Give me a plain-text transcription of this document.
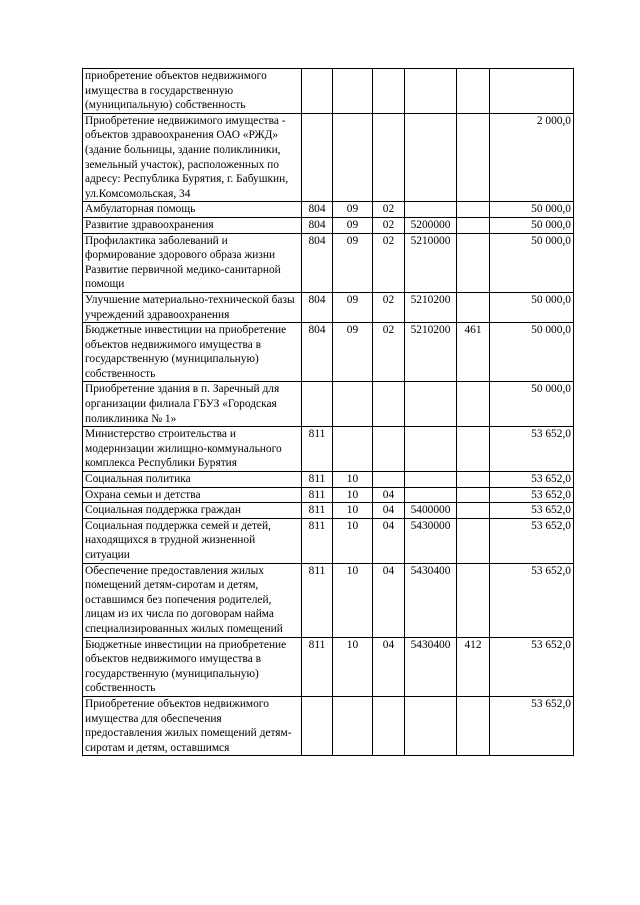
приобретение объектов недвижимого имущества в государственную (муниципальную) собственность						
Приобретение недвижимого имущества - объектов здравоохранения ОАО «РЖД» (здание больницы, здание поликлиники, земельный участок), расположенных по адресу: Республика Бурятия, г. Бабушкин, ул.Комсомольская, 34						2 000,0
Амбулаторная помощь	804	09	02			50 000,0
Развитие здравоохранения	804	09	02	5200000		50 000,0
Профилактика заболеваний и формирование здорового образа жизни Развитие первичной медико-санитарной помощи	804	09	02	5210000		50 000,0
Улучшение материально-технической базы учреждений здравоохранения	804	09	02	5210200		50 000,0
Бюджетные инвестиции на приобретение объектов недвижимого имущества в государственную (муниципальную) собственность	804	09	02	5210200	461	50 000,0
Приобретение здания в п. Заречный для организации филиала ГБУЗ «Городская поликлиника № 1»						50 000,0
Министерство строительства и модернизации жилищно-коммунального комплекса Республики Бурятия	811					53 652,0
Социальная политика	811	10				53 652,0
Охрана семьи и детства	811	10	04			53 652,0
Социальная поддержка граждан	811	10	04	5400000		53 652,0
Социальная поддержка семей и детей, находящихся в трудной жизненной ситуации	811	10	04	5430000		53 652,0
Обеспечение предоставления жилых помещений детям-сиротам и детям, оставшимся без попечения родителей, лицам из их числа по договорам найма специализированных жилых помещений	811	10	04	5430400		53 652,0
Бюджетные инвестиции на приобретение объектов недвижимого имущества в государственную (муниципальную) собственность	811	10	04	5430400	412	53 652,0
Приобретение объектов недвижимого имущества для обеспечения предоставления жилых помещений детям-сиротам и детям, оставшимся						53 652,0
